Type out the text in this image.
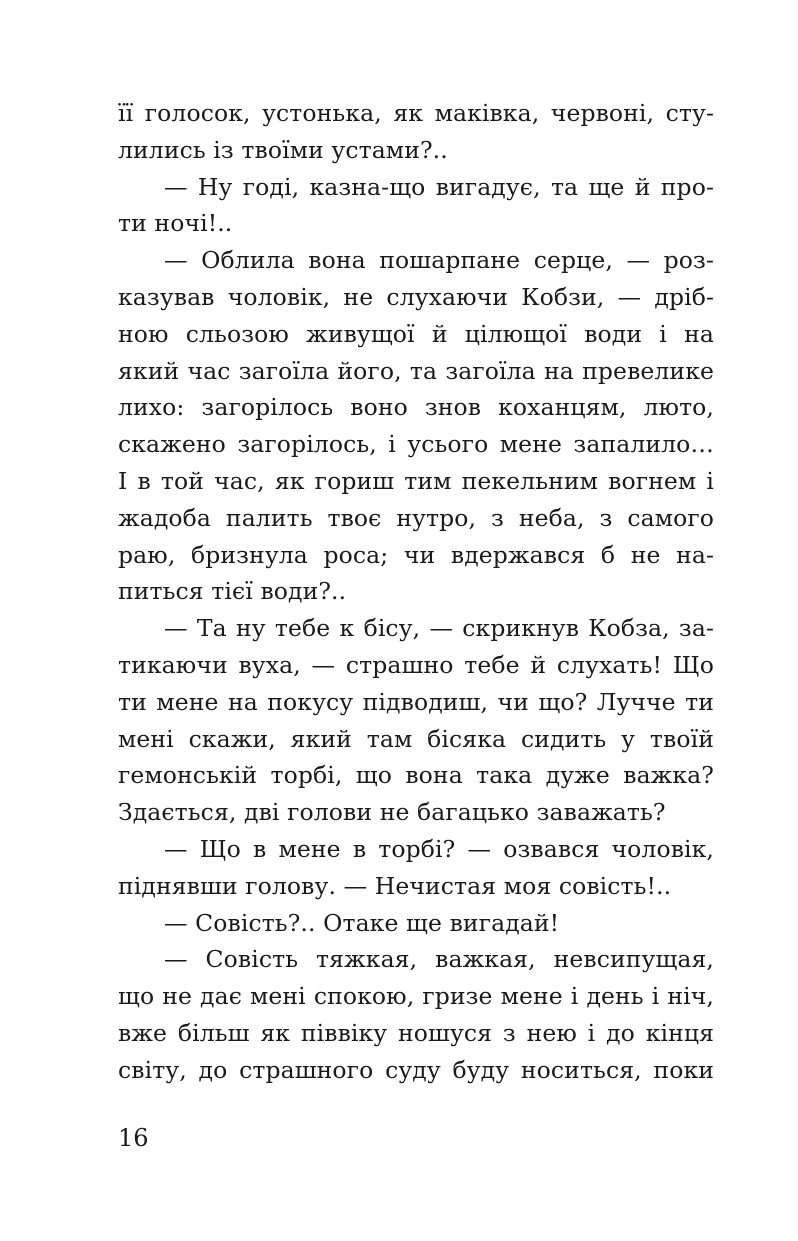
її голосок, устонька, як маківка, червоні, сту-
лились із твоїми устами?..
— Ну годі, казна-що вигадує, та ще й про-
ти ночі!..
— Облила вона пошарпане серце, — роз-
казував чоловік, не слухаючи Кобзи, — дріб-
ною сльозою живущої й цілющої води і на
який час загоїла його, та загоїла на превелике
лихо: загорілось воно знов коханцям, люто,
скажено загорілось, і усього мене запалило…
І в той час, як гориш тим пекельним вогнем і
жадоба палить твоє нутро, з неба, з самого
раю, бризнула роса; чи вдержався б не на-
питься тієї води?..
— Та ну тебе к бісу, — скрикнув Кобза, за-
тикаючи вуха, — страшно тебе й слухать! Що
ти мене на покусу підводиш, чи що? Лучче ти
мені скажи, який там бісяка сидить у твоїй
гемонській торбі, що вона така дуже важка?
Здається, дві голови не багацько заважать?
— Що в мене в торбі? — озвався чоловік,
піднявши голову. — Нечистая моя совість!..
— Совість?.. Отаке ще вигадай!
— Совість тяжкая, важкая, невсипущая,
що не дає мені спокою, гризе мене і день і ніч,
вже більш як піввіку ношуся з нею і до кінця
світу, до страшного суду буду носиться, поки
16
